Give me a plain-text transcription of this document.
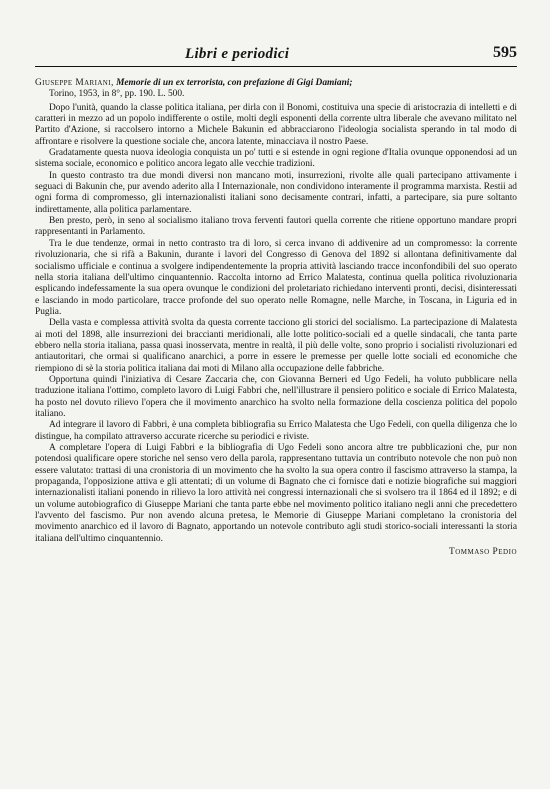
Libri e periodici	595

Giuseppe Mariani, Memorie di un ex terrorista, con prefazione di Gigi Damiani;
Torino, 1953, in 8°, pp. 190. L. 500.

Dopo l'unità, quando la classe politica italiana, per dirla con il Bonomi, costituiva una specie di aristocrazia di intelletti e di caratteri in mezzo ad un popolo indifferente o ostile, molti degli esponenti della corrente ultra liberale che avevano militato nel Partito d'Azione, si raccolsero intorno a Michele Bakunin ed abbracciarono l'ideologia socialista sperando in tal modo di affrontare e risolvere la questione sociale che, ancora latente, minacciava il nostro Paese.

Gradatamente questa nuova ideologia conquista un po' tutti e si estende in ogni regione d'Italia ovunque opponendosi ad un sistema sociale, economico e politico ancora legato alle vecchie tradizioni.

In questo contrasto tra due mondi diversi non mancano moti, insurrezioni, rivolte alle quali partecipano attivamente i seguaci di Bakunin che, pur avendo aderito alla I Internazionale, non condividono interamente il programma marxista. Restii ad ogni forma di compromesso, gli internazionalisti italiani sono decisamente contrari, infatti, a partecipare, sia pure soltanto indirettamente, alla politica parlamentare.

Ben presto, però, in seno al socialismo italiano trova ferventi fautori quella corrente che ritiene opportuno mandare propri rappresentanti in Parlamento.

Tra le due tendenze, ormai in netto contrasto tra di loro, si cerca invano di addivenire ad un compromesso: la corrente rivoluzionaria, che si rifà a Bakunin, durante i lavori del Congresso di Genova del 1892 si allontana definitivamente dal socialismo ufficiale e continua a svolgere indipendentemente la propria attività lasciando tracce inconfondibili del suo operato nella storia italiana dell'ultimo cinquantennio. Raccolta intorno ad Errico Malatesta, continua quella politica rivoluzionaria esplicando indefessamente la sua opera ovunque le condizioni del proletariato richiedano interventi pronti, decisi, disinteressati e lasciando in modo particolare, tracce profonde del suo operato nelle Romagne, nelle Marche, in Toscana, in Liguria ed in Puglia.

Della vasta e complessa attività svolta da questa corrente tacciono gli storici del socialismo. La partecipazione di Malatesta ai moti del 1898, alle insurrezioni dei braccianti meridionali, alle lotte politico-sociali ed a quelle sindacali, che tanta parte ebbero nella storia italiana, passa quasi inosservata, mentre in realtà, il più delle volte, sono proprio i socialisti rivoluzionari ed antiautoritari, che ormai si qualificano anarchici, a porre in essere le premesse per quelle lotte sociali ed economiche che riempiono di sè la storia politica italiana dai moti di Milano alla occupazione delle fabbriche.

Opportuna quindi l'iniziativa di Cesare Zaccaria che, con Giovanna Berneri ed Ugo Fedeli, ha voluto pubblicare nella traduzione italiana l'ottimo, completo lavoro di Luigi Fabbri che, nell'illustrare il pensiero politico e sociale di Errico Malatesta, ha posto nel dovuto rilievo l'opera che il movimento anarchico ha svolto nella formazione della coscienza politica del popolo italiano.

Ad integrare il lavoro di Fabbri, è una completa bibliografia su Errico Malatesta che Ugo Fedeli, con quella diligenza che lo distingue, ha compilato attraverso accurate ricerche su periodici e riviste.

A completare l'opera di Luigi Fabbri e la bibliografia di Ugo Fedeli sono ancora altre tre pubblicazioni che, pur non potendosi qualificare opere storiche nel senso vero della parola, rappresentano tuttavia un contributo notevole che non può non essere valutato: trattasi di una cronistoria di un movimento che ha svolto la sua opera contro il fascismo attraverso la stampa, la propaganda, l'opposizione attiva e gli attentati; di un volume di Bagnato che ci fornisce dati e notizie biografiche sui maggiori internazionalisti italiani ponendo in rilievo la loro attività nei congressi internazionali che si svolsero tra il 1864 ed il 1892; e di un volume autobiografico di Giuseppe Mariani che tanta parte ebbe nel movimento politico italiano negli anni che precedettero l'avvento del fascismo. Pur non avendo alcuna pretesa, le Memorie di Giuseppe Mariani completano la cronistoria del movimento anarchico ed il lavoro di Bagnato, apportando un notevole contributo agli studi storico-sociali interessanti la storia italiana dell'ultimo cinquantennio.

Tommaso Pedio
